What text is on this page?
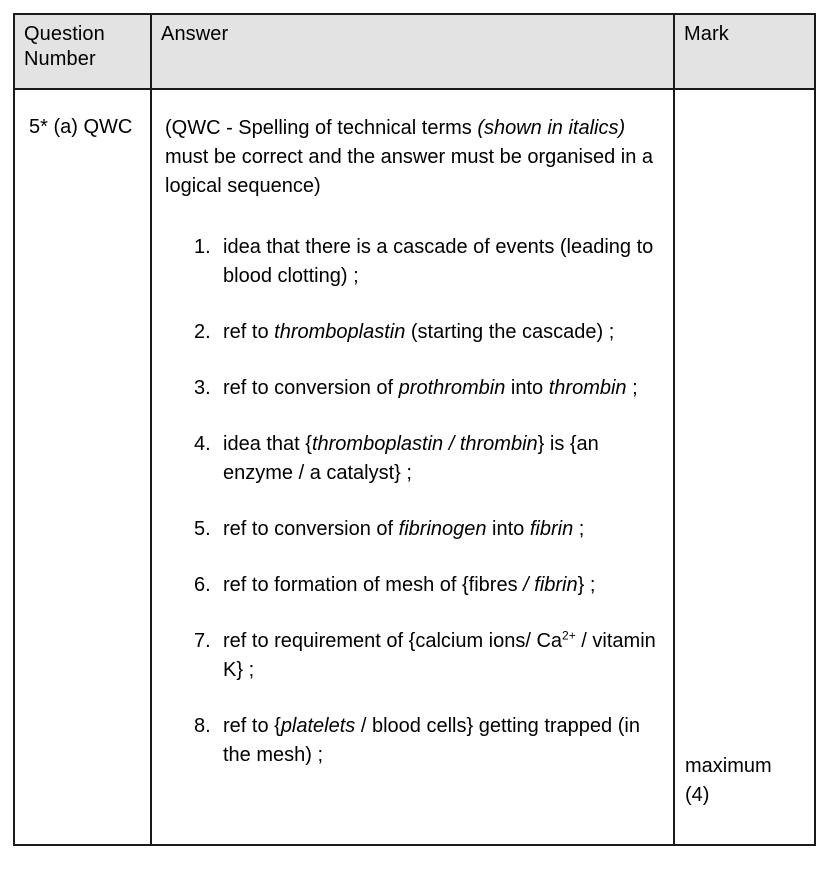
Question
Number	Answer	Mark

5* (a) QWC	(QWC - Spelling of technical terms (shown in italics) must be correct and the answer must be organised in a logical sequence)

1. idea that there is a cascade of events (leading to blood clotting) ;
2. ref to thromboplastin (starting the cascade) ;
3. ref to conversion of prothrombin into thrombin ;
4. idea that {thromboplastin / thrombin} is {an enzyme / a catalyst} ;
5. ref to conversion of fibrinogen into fibrin ;
6. ref to formation of mesh of {fibres / fibrin} ;
7. ref to requirement of {calcium ions/ $Ca^{2+}$ / vitamin K} ;
8. ref to {platelets / blood cells} getting trapped (in the mesh) ;	maximum
(4)
